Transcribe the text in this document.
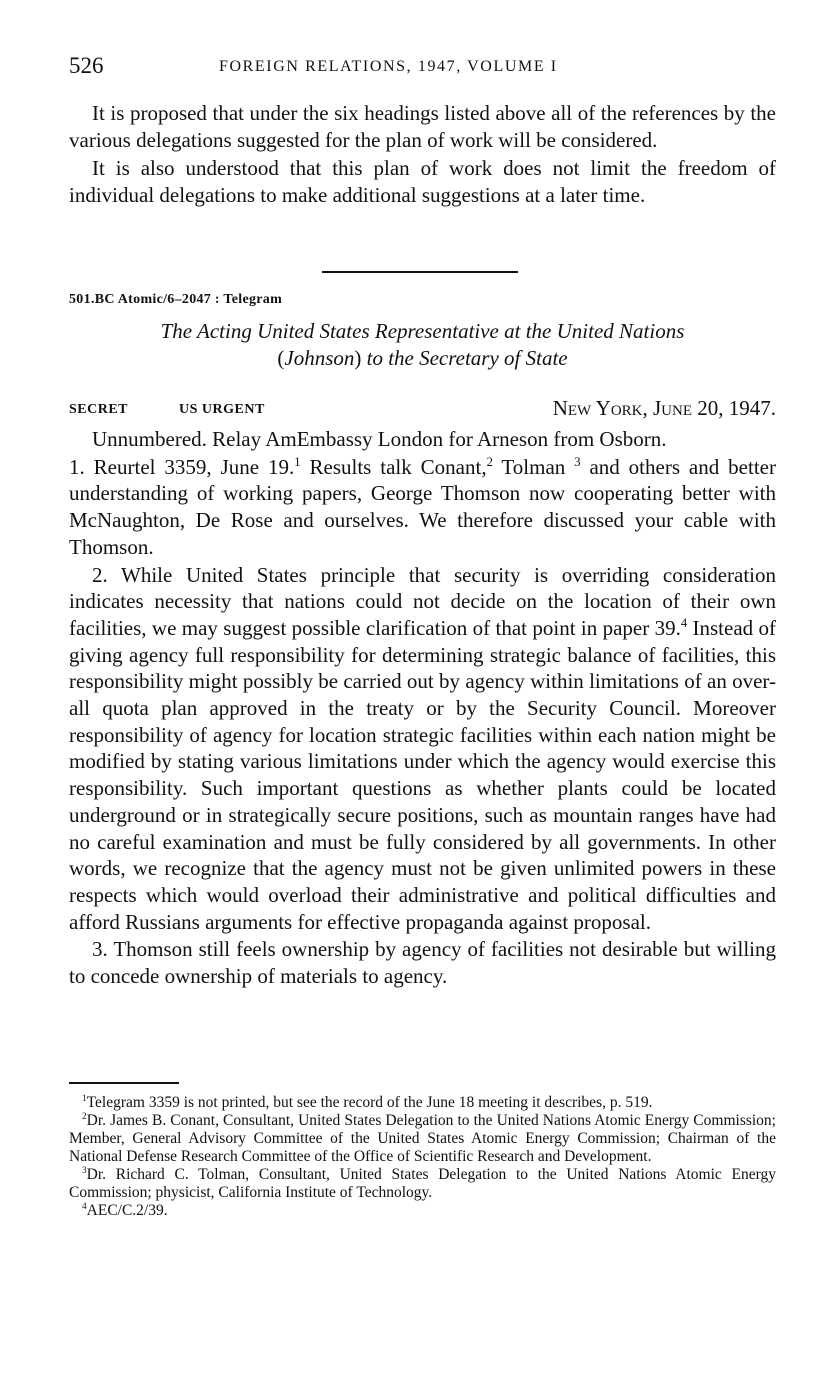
526	FOREIGN RELATIONS, 1947, VOLUME I

It is proposed that under the six headings listed above all of the references by the various delegations suggested for the plan of work will be considered.

It is also understood that this plan of work does not limit the freedom of individual delegations to make additional suggestions at a later time.

501.BC Atomic/6–2047 : Telegram
The Acting United States Representative at the United Nations
(Johnson) to the Secretary of State
SECRET	US URGENT	New York, June 20, 1947.

Unnumbered. Relay AmEmbassy London for Arneson from Osborn.

1. Reurtel 3359, June 19.$^1$ Results talk Conant,$^2$ Tolman $^3$ and others and better understanding of working papers, George Thomson now cooperating better with McNaughton, De Rose and ourselves. We therefore discussed your cable with Thomson.

2. While United States principle that security is overriding consideration indicates necessity that nations could not decide on the location of their own facilities, we may suggest possible clarification of that point in paper 39.$^4$ Instead of giving agency full responsibility for determining strategic balance of facilities, this responsibility might possibly be carried out by agency within limitations of an over-all quota plan approved in the treaty or by the Security Council. Moreover responsibility of agency for location strategic facilities within each nation might be modified by stating various limitations under which the agency would exercise this responsibility. Such important questions as whether plants could be located underground or in strategically secure positions, such as mountain ranges have had no careful examination and must be fully considered by all governments. In other words, we recognize that the agency must not be given unlimited powers in these respects which would overload their administrative and political difficulties and afford Russians arguments for effective propaganda against proposal.

3. Thomson still feels ownership by agency of facilities not desirable but willing to concede ownership of materials to agency.

$^1$Telegram 3359 is not printed, but see the record of the June 18 meeting it describes, p. 519.

$^2$Dr. James B. Conant, Consultant, United States Delegation to the United Nations Atomic Energy Commission; Member, General Advisory Committee of the United States Atomic Energy Commission; Chairman of the National Defense Research Committee of the Office of Scientific Research and Development.

$^3$Dr. Richard C. Tolman, Consultant, United States Delegation to the United Nations Atomic Energy Commission; physicist, California Institute of Technology.

$^4$AEC/C.2/39.
